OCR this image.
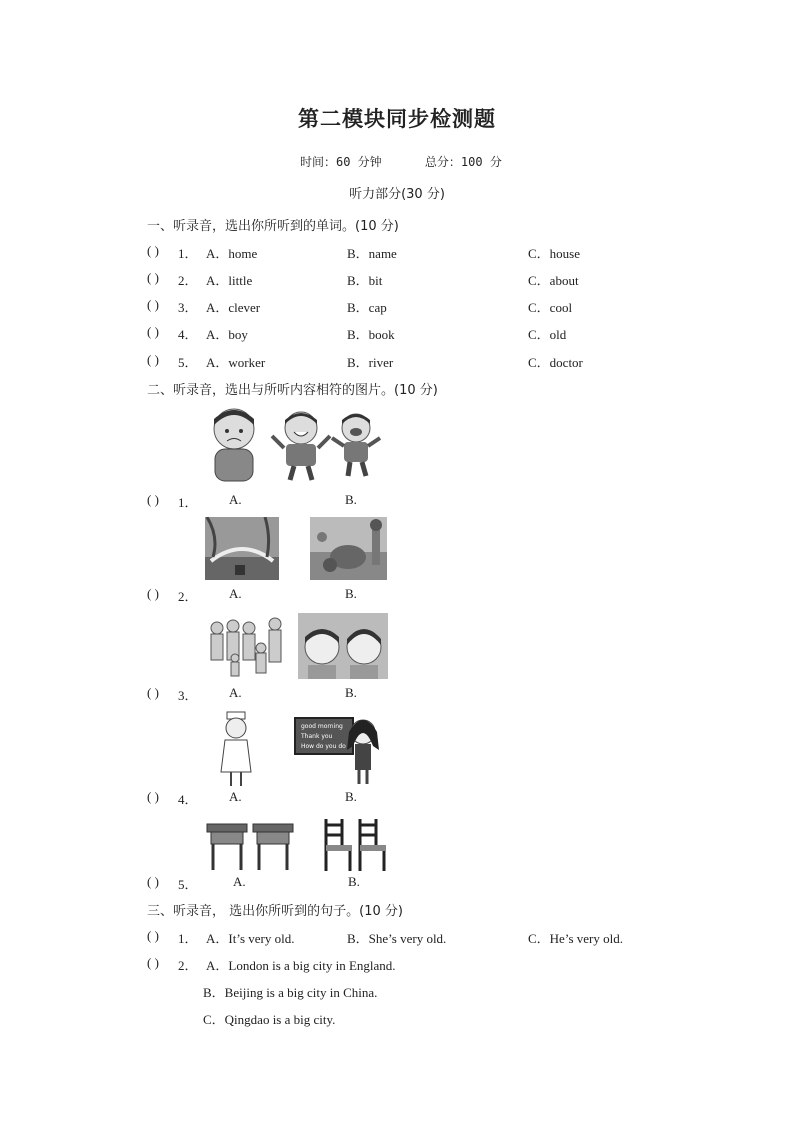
第二模块同步检测题
时间：60 分钟	总分：100 分
听力部分(30 分)
一、听录音，选出你所听到的单词。(10 分)
( ) 1． A．home	B．name	C．house
( ) 2． A．little	B．bit	C．about
( ) 3． A．clever	B．cap	C．cool
( ) 4． A．boy	B．book	C．old
( ) 5． A．worker	B．river	C．doctor
二、听录音，选出与所听内容相符的图片。(10 分)
( ) 1． A.	B.
( ) 2． A.	B.
( ) 3． A.	B.
good morning
Thank you
How do you do
( ) 4． A.	B.
( ) 5．	A.	B.
三、听录音， 选出你所听到的句子。(10 分)
( ) 1． A．It’s very old.	B．She’s very old.	C．He’s very old.
( ) 2． A．London is a big city in England.
B．Beijing is a big city in China.
C．Qingdao is a big city.
